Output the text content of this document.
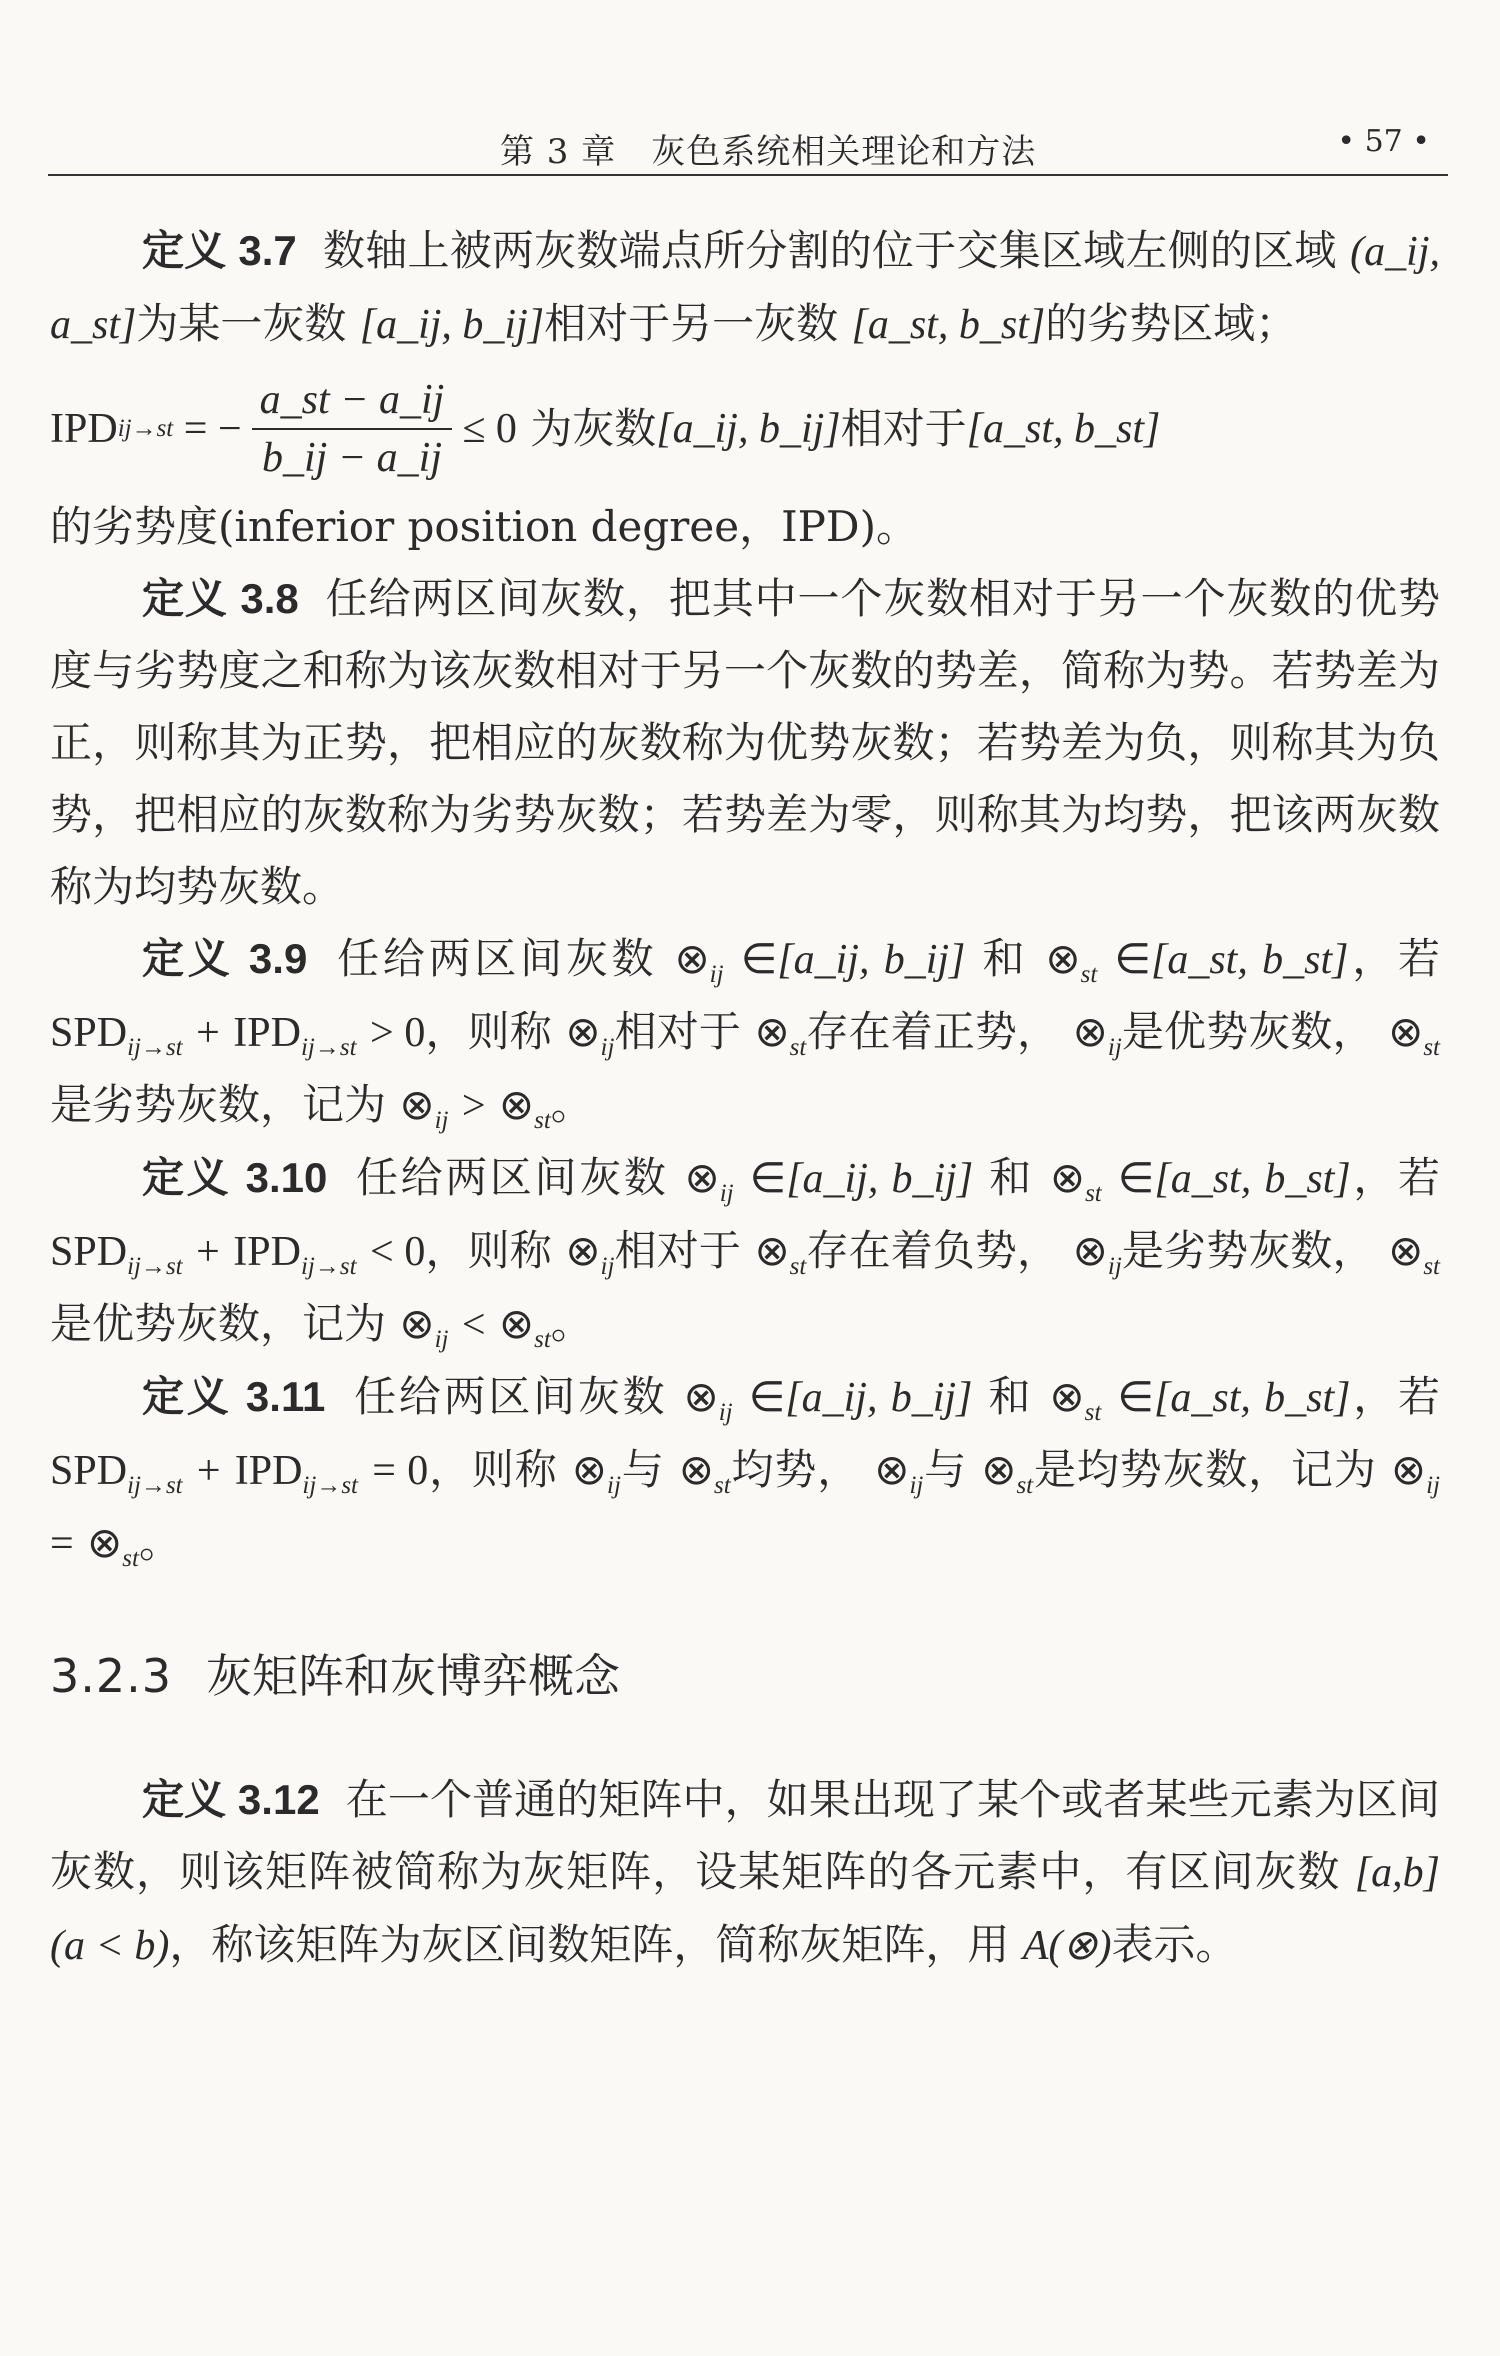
第 3 章　灰色系统相关理论和方法	• 57 •

定义 3.7 数轴上被两灰数端点所分割的位于交集区域左侧的区域 (a_ij, a_st]为某一灰数 [a_ij, b_ij]相对于另一灰数 [a_st, b_st]的劣势区域；

IPD ij→st = − $\frac{a\_st - a\_ij}{b\_ij - a\_ij} \le 0$
为灰数 [a_ij, b_ij] 相对于 [a_st, b_st]

的劣势度(inferior position degree，IPD)。

定义 3.8 任给两区间灰数，把其中一个灰数相对于另一个灰数的优势度与劣势度之和称为该灰数相对于另一个灰数的势差，简称为势。若势差为正，则称其为正势，把相应的灰数称为优势灰数；若势差为负，则称其为负势，把相应的灰数称为劣势灰数；若势差为零，则称其为均势，把该两灰数称为均势灰数。

定义 3.9 任给两区间灰数 $\otimes_{ij}$ ∈[a_ij, b_ij] 和 $\otimes_{st}$ ∈[a_st, b_st]，若 $SPD_{ij\to st} + IPD_{ij\to st} > 0$，则称 $\otimes_{ij}$相对于 $\otimes_{st}$存在着正势， $\otimes_{ij}$是优势灰数， $\otimes_{st}$是劣势灰数，记为 $\otimes_{ij}$ > $\otimes_{st}$。

定义 3.10 任给两区间灰数 $\otimes_{ij}$ ∈[a_ij, b_ij] 和 $\otimes_{st}$ ∈[a_st, b_st]，若 $SPD_{ij\to st} + IPD_{ij\to st} < 0$，则称 $\otimes_{ij}$相对于 $\otimes_{st}$存在着负势， $\otimes_{ij}$是劣势灰数， $\otimes_{st}$是优势灰数，记为 $\otimes_{ij}$ < $\otimes_{st}$。

定义 3.11 任给两区间灰数 $\otimes_{ij}$ ∈[a_ij, b_ij] 和 $\otimes_{st}$ ∈[a_st, b_st]，若 $SPD_{ij\to st} + IPD_{ij\to st} = 0$，则称 $\otimes_{ij}$与 $\otimes_{st}$均势， $\otimes_{ij}$与 $\otimes_{st}$是均势灰数，记为 $\otimes_{ij}$ = $\otimes_{st}$。

3.2.3 灰矩阵和灰博弈概念

定义 3.12 在一个普通的矩阵中，如果出现了某个或者某些元素为区间灰数，则该矩阵被简称为灰矩阵，设某矩阵的各元素中，有区间灰数 [a,b](a < b)，称该矩阵为灰区间数矩阵，简称灰矩阵，用 A(⊗)表示。
